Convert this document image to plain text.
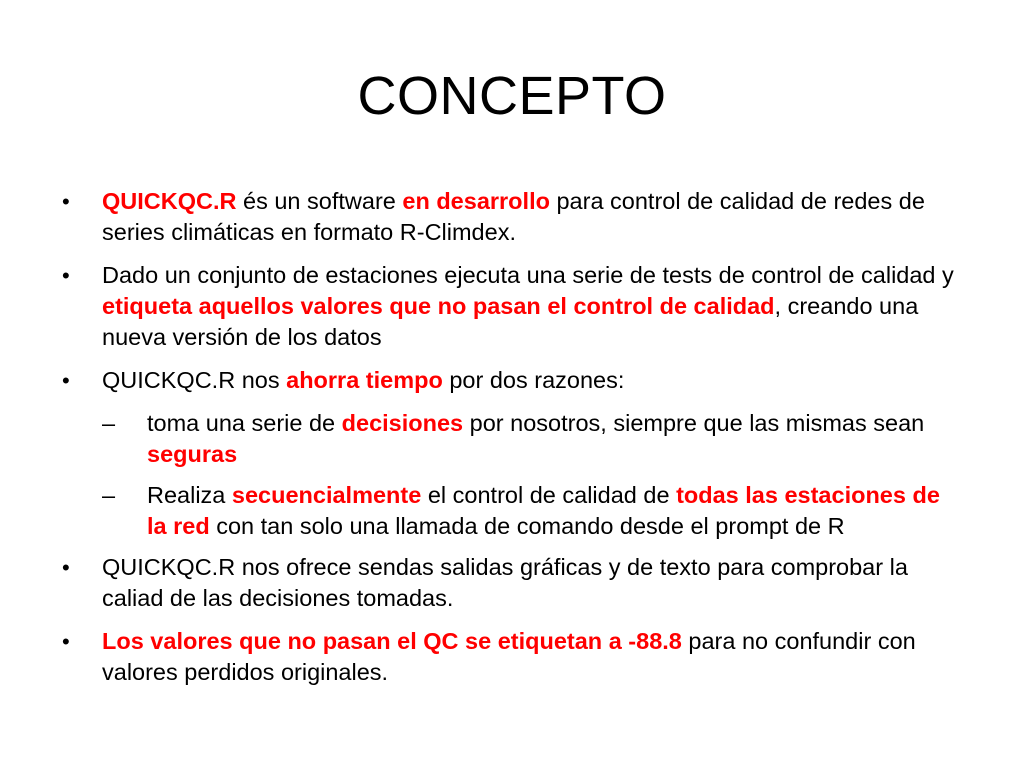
CONCEPTO
• QUICKQC.R és un software en desarrollo para control de calidad de redes de series climáticas en formato R-Climdex.
• Dado un conjunto de estaciones ejecuta una serie de tests de control de calidad y etiqueta aquellos valores que no pasan el control de calidad, creando una nueva versión de los datos
• QUICKQC.R nos ahorra tiempo por dos razones:
– toma una serie de decisiones por nosotros, siempre que las mismas sean seguras
– Realiza secuencialmente el control de calidad de todas las estaciones de la red con tan solo una llamada de comando desde el prompt de R
• QUICKQC.R nos ofrece sendas salidas gráficas y de texto para comprobar la caliad de las decisiones tomadas.
• Los valores que no pasan el QC se etiquetan a -88.8 para no confundir con valores perdidos originales.
